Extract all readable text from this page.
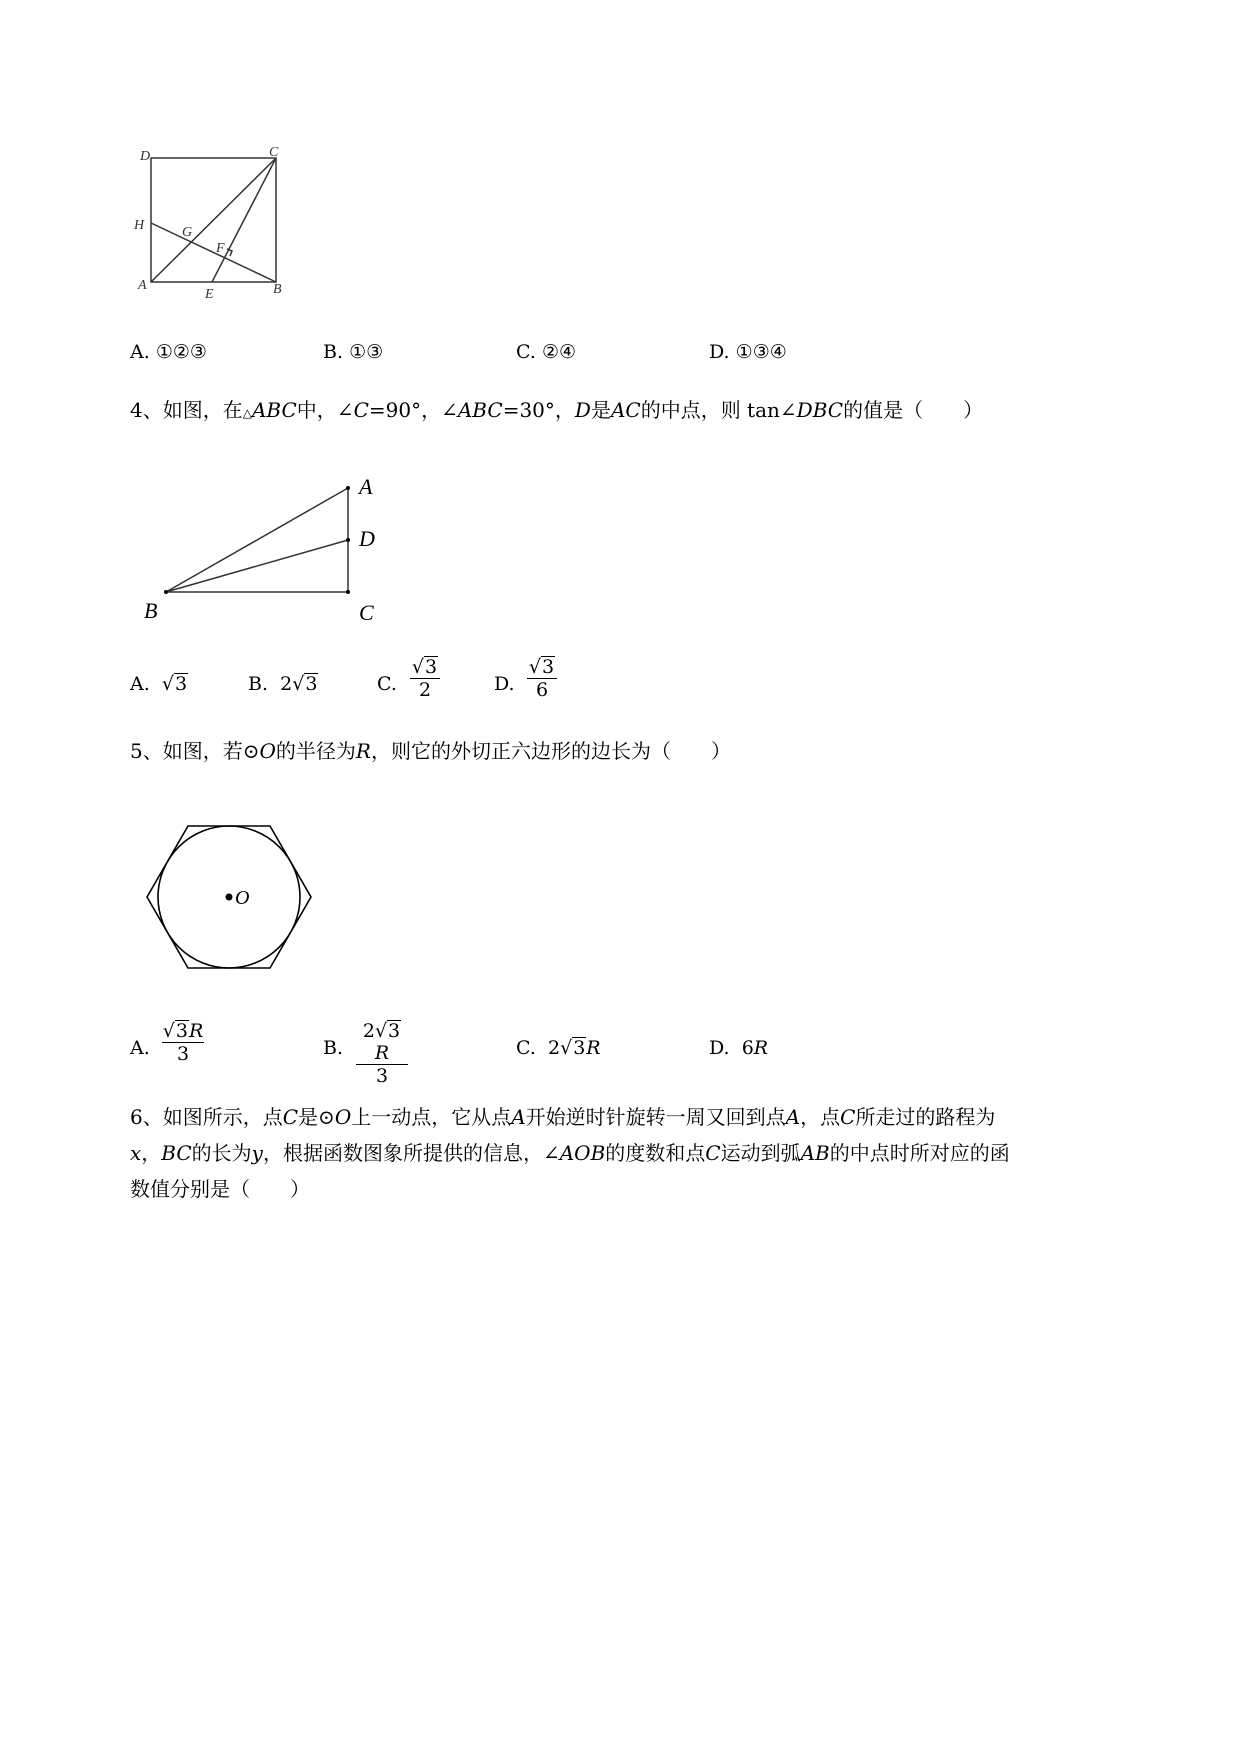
D	C
H	G
F
A
E	B
A. ①②③	B. ①③	C. ②④	D. ①③④
4、如图，在△ABC中，∠C=90°，∠ABC=30°，D是AC的中点，则 tan∠DBC的值是（　　）
A
D
B	C
A. √3	B. 2√3	C.
√3
2	D.
√3
6
5、如图，若⊙O的半径为R，则它的外切正六边形的边长为（　　）
O
A.
√3R
3	B.
2√3R
3
C. 2√3R	D. 6R
6、如图所示，点C是⊙O上一动点，它从点A开始逆时针旋转一周又回到点A，点C所走过的路程为
x，BC的长为y，根据函数图象所提供的信息，∠AOB的度数和点C运动到弧AB的中点时所对应的函
数值分别是（　　）
